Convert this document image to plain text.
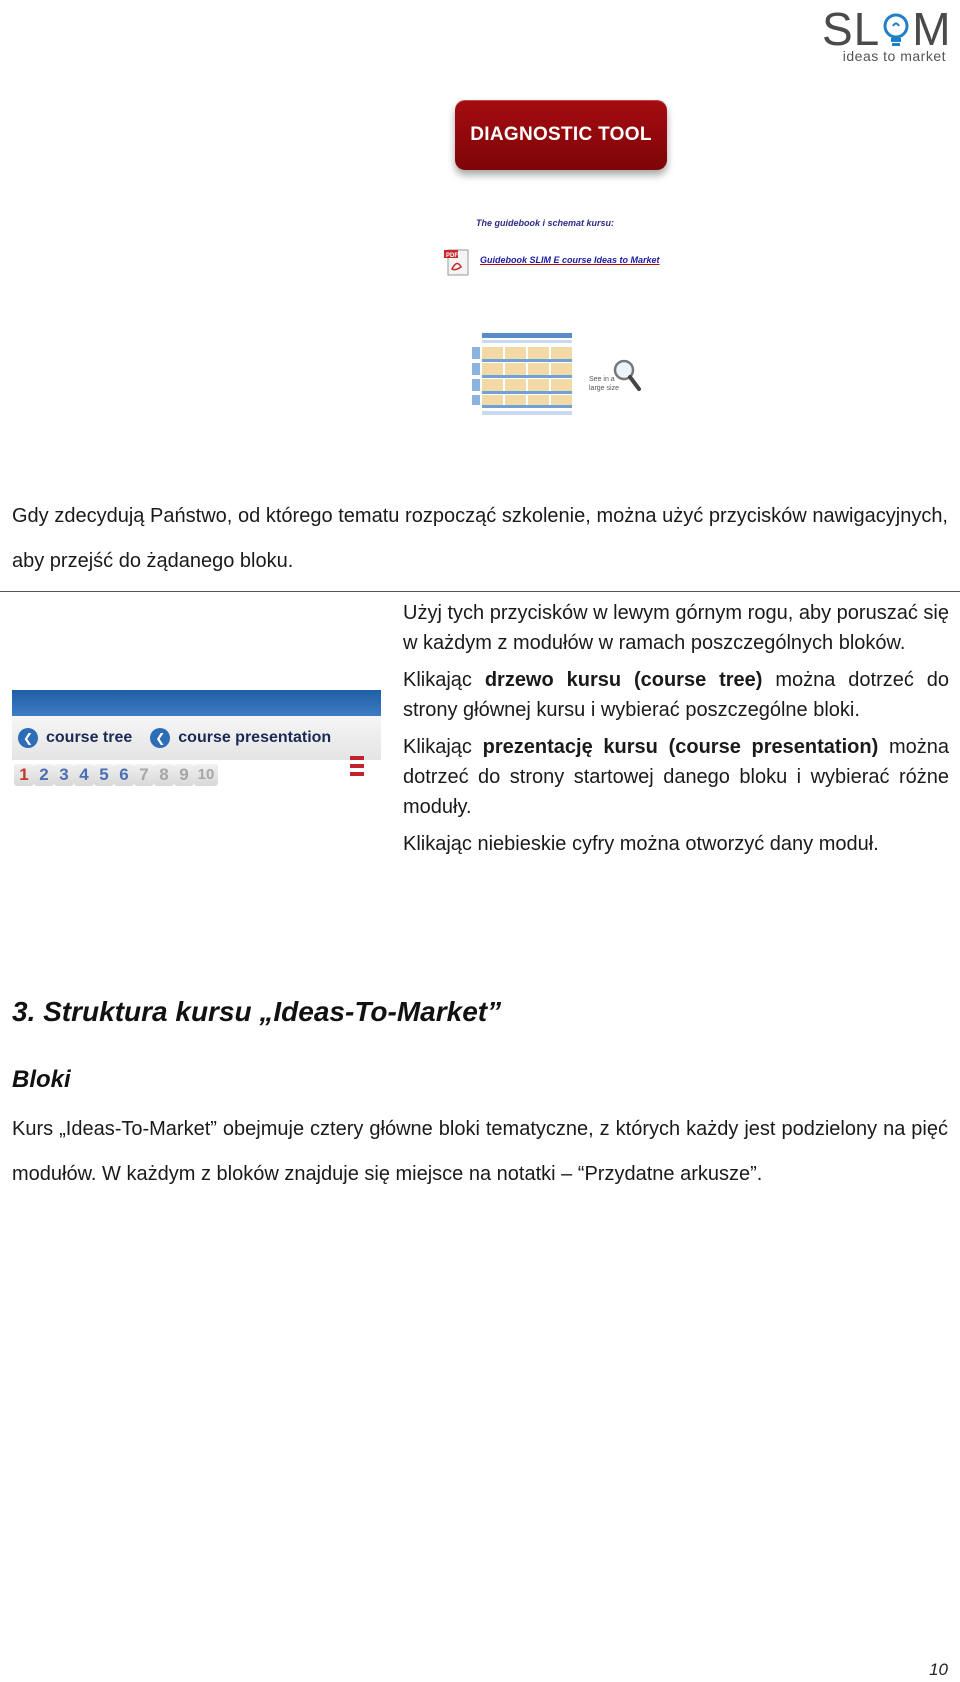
SL M
ideas to market
DIAGNOSTIC TOOL
The guidebook i schemat kursu:
PDF Guidebook SLIM E course Ideas to Market
See in a large size
Gdy zdecydują Państwo, od którego tematu rozpocząć szkolenie, można użyć przycisków nawigacyjnych, aby przejść do żądanego bloku.
❮ course tree	❮ course presentation
1 2 3 4 5 6 7 8 9 10

Użyj tych przycisków w lewym górnym rogu, aby poruszać się w każdym z modułów w ramach poszczególnych bloków.

Klikając drzewo kursu (course tree) można dotrzeć do strony głównej kursu i wybierać poszczególne bloki.

Klikając prezentację kursu (course presentation) można dotrzeć do strony startowej danego bloku i wybierać różne moduły.

Klikając niebieskie cyfry można otworzyć dany moduł.

3. Struktura kursu „Ideas-To-Market”
Bloki
Kurs „Ideas-To-Market” obejmuje cztery główne bloki tematyczne, z których każdy jest podzielony na pięć modułów. W każdym z bloków znajduje się miejsce na notatki – “Przydatne arkusze”.
10
